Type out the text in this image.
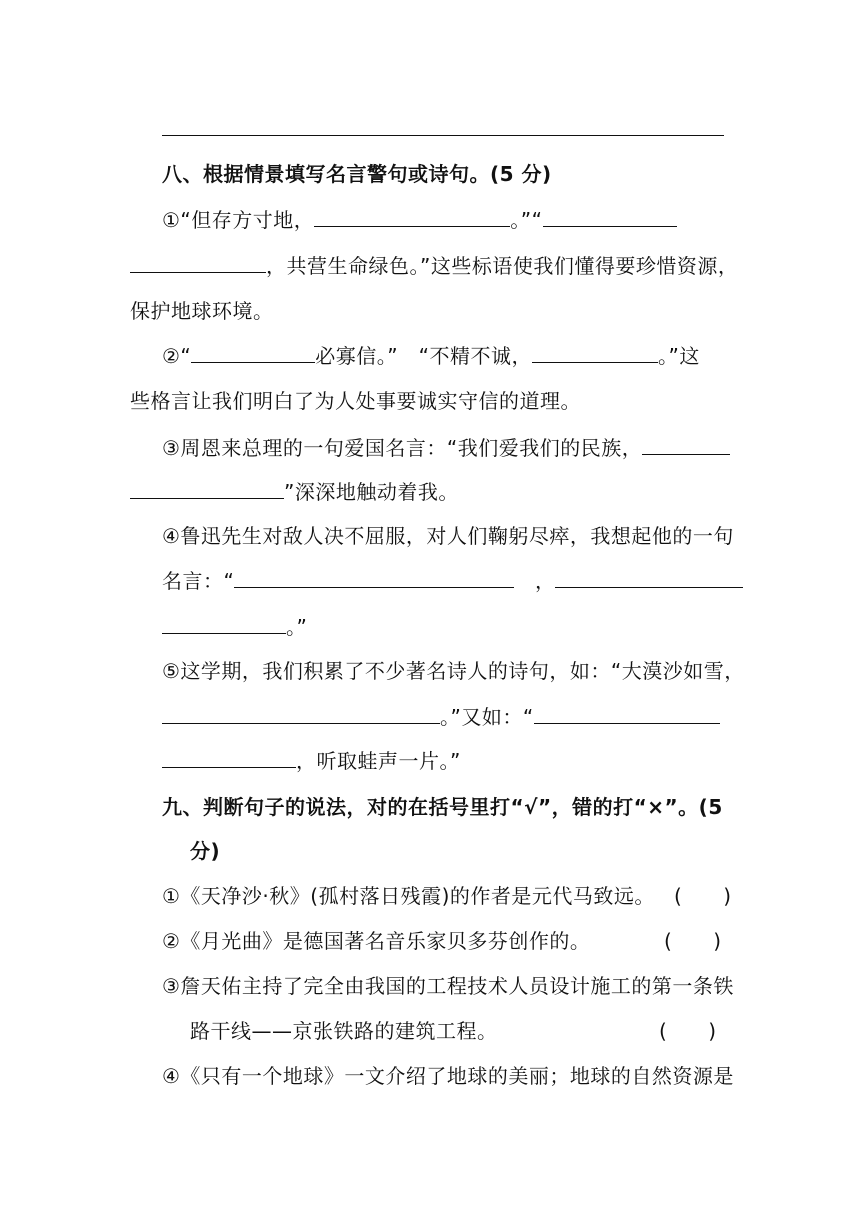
八、根据情景填写名言警句或诗句。(5 分)
①“但存方寸地，	。”“
，共营生命绿色。”这些标语使我们懂得要珍惜资源，
保护地球环境。
②“	必寡信。”　“不精不诚，	。”这
些格言让我们明白了为人处事要诚实守信的道理。
③周恩来总理的一句爱国名言：“我们爱我们的民族，
”深深地触动着我。
④鲁迅先生对敌人决不屈服，对人们鞠躬尽瘁，我想起他的一句
名言：“	，
。”
⑤这学期，我们积累了不少著名诗人的诗句，如：“大漠沙如雪，
。”又如：“
，听取蛙声一片。”
九、判断句子的说法，对的在括号里打“√”，错的打“×”。(5
分)
①《天净沙·秋》(孤村落日残霞)的作者是元代马致远。 (　　)
②《月光曲》是德国著名音乐家贝多芬创作的。	(　　)
③詹天佑主持了完全由我国的工程技术人员设计施工的第一条铁
路干线——京张铁路的建筑工程。	(　　)
④《只有一个地球》一文介绍了地球的美丽；地球的自然资源是
